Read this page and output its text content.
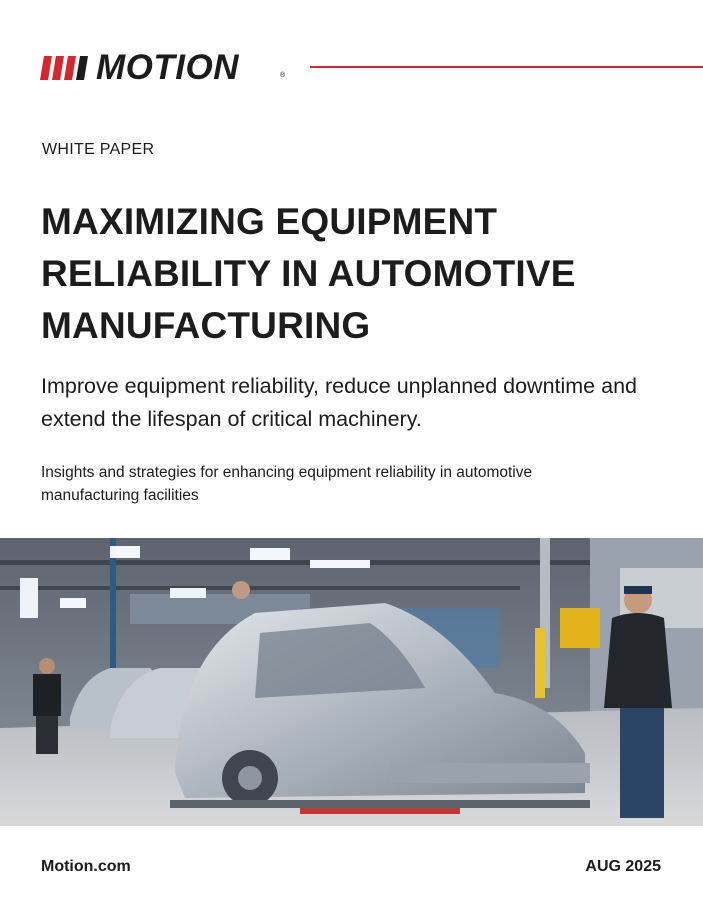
MOTION	®
WHITE PAPER
MAXIMIZING EQUIPMENT RELIABILITY IN AUTOMOTIVE MANUFACTURING

Improve equipment reliability, reduce unplanned downtime and extend the lifespan of critical machinery.

Insights and strategies for enhancing equipment reliability in automotive manufacturing facilities

Motion.com	AUG 2025
